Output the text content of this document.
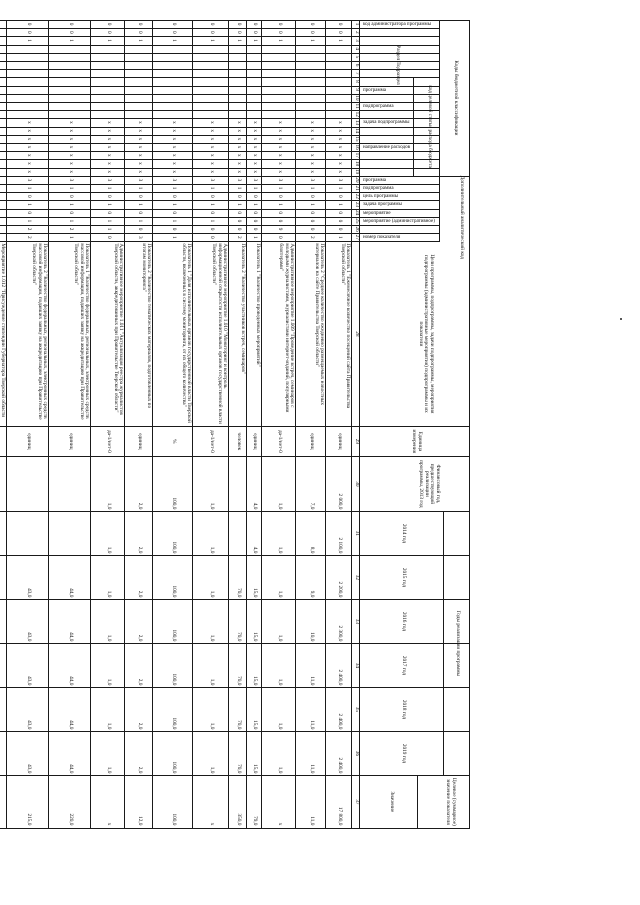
Коды бюджетной классификации
Дополнительный аналитический код
код администратора программы
Раздел
Подраздел
код целевой статьи расхода бюджета
программа
подпрограмма
задача подпрограммы
направление расходов
программа
подпрограмма
цель программы
задача программы
мероприятие
мероприятие (административное)
номер показателя
Цели программы, подпрограммы, задачи подпрограммы, мероприятия подпрограммы (административные мероприятия) подпрограммы и их показатели
Единица измерения
Финансовый год, предшествующий реализации программы, 2013 год
Годы реализации программы
2014 год
2015 год
2016 год
2017 год
2018 год
2019 год
Целевое (суммарное) значение показателя
Значение
1
2
3
4
5
6
7
8
9
10
11
12
13
14
15
16
17
18
19
20
21
22
23
24
25
26
27
28
29
30
31
32
33
34
35
36
37
0
0
1
x
x
x
x
x
x
x
3
1
0
1
0
0
0
1
Показатель 1 "Ежемесячное количество посещений сайта Правительства Тверской области"
единиц
2 000,0
2 100,0
2 200,0
2 300,0
2 400,0
2 400,0
2 400,0
17 800,0
0
0
1
x
x
x
x
x
x
x
3
1
0
1
0
0
0
2
Показатель 2 "Среднее количество ежедневно размещаемых новостных материалов на сайте Правительства Тверской области"
единиц
7,0
8,0
9,0
10,0
11,0
11,0
11,0
11,0
0
0
1
x
x
x
x
x
x
x
3
1
0
1
0
0
9
0
Административное мероприятие 1.009 "Проведение встреч, семинаров с молодыми журналистами, журналистами интернет-изданий, популярными блоггерами"
да-1/нет-0
1,0
1,0
1,0
1,0
1,0
1,0
1,0
x
0
0
1
x
x
x
x
x
x
x
3
1
0
1
0
0
0
1
Показатель 1 "Количество проведенных мероприятий"
единиц
4,0
4,0
15,0
15,0
15,0
15,0
15,0
79,0
0
0
1
x
x
x
x
x
x
x
3
1
0
1
0
0
0
2
Показатель 2 "Количество участников встреч, семинаров"
человек
70,0
70,0
70,0
70,0
70,0
350,0
0
0
1
x
x
x
x
x
x
x
3
1
0
1
0
1
0
0
Административное мероприятие 1.010 "Мониторинг и контроль информационной открытости исполнительных органов государственной власти Тверской области"
да-1/нет-0
1,0
1,0
1,0
1,0
1,0
1,0
1,0
x
0
0
1
x
x
x
x
x
x
x
3
1
0
1
0
1
0
1
Показатель 1 "Доля исполнительных органов государственной власти Тверской области, включенных в систему мониторинга, от их общего количества"
%
100,0
100,0
100,0
100,0
100,0
100,0
100,0
100,0
0
0
1
x
x
x
x
x
x
x
3
1
0
1
0
1
0
3
Показатель 2 "Количество тематических материалов, подготовленных по итогам мониторинга"
единиц
2,0
2,0
2,0
2,0
2,0
2,0
2,0
12,0
0
0
1
x
x
x
x
x
x
x
3
1
0
1
0
1
1
0
Административное мероприятие 1.011 "Актуализация реестра журналистов Тверской области, аккредитованных при Правительстве Тверской области"
да-1/нет-0
1,0
1,0
1,0
1,0
1,0
1,0
1,0
x
0
0
1
x
x
x
x
x
x
x
3
1
0
1
0
1
2
1
Показатель 1 "Количество федеральных, региональных, электронных средств массовой информации, подавших заявку на аккредитацию при Правительстве Тверской области"
единиц
44,0
44,0
44,0
44,0
44,0
220,0
0
0
1
x
x
x
x
x
x
x
3
1
0
1
0
1
2
2
Показатель 2 "Количество федеральных, региональных, электронных средств массовой информации, подавших заявку на аккредитацию при Правительстве Тверской области"
единиц
43,0
43,0
43,0
43,0
43,0
215,0
Мероприятие 1.012 "Присуждение стипендии Губернатора Тверской области
